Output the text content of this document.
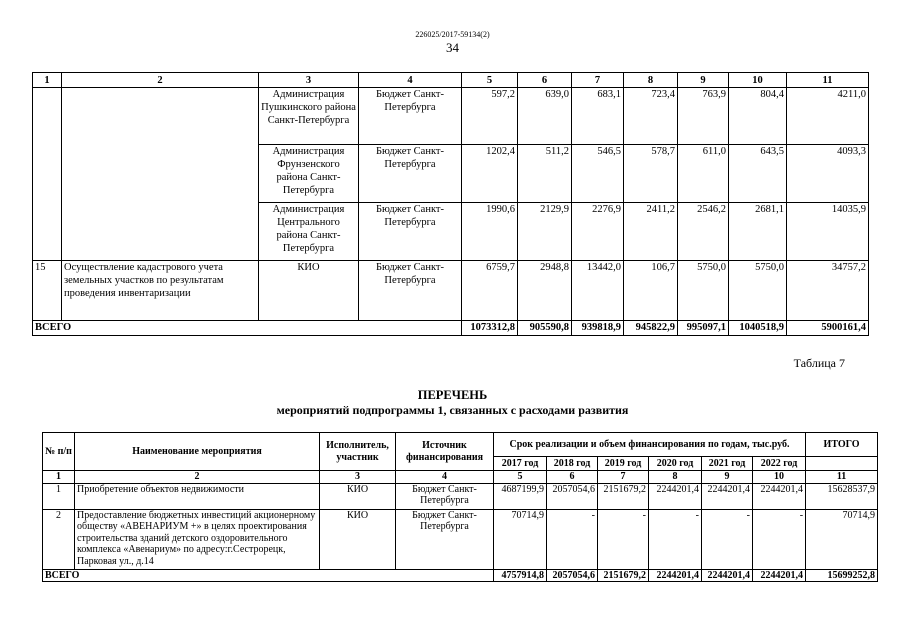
226025/2017-59134(2)
34
1	2	3	4	5	6	7	8	9	10	11
		Администрация Пушкинского района Санкт-Петербурга	Бюджет Санкт-Петербурга	597,2	639,0	683,1	723,4	763,9	804,4	4211,0
		Администрация Фрунзенского района Санкт-Петербурга	Бюджет Санкт-Петербурга	1202,4	511,2	546,5	578,7	611,0	643,5	4093,3
		Администрация Центрального района Санкт-Петербурга	Бюджет Санкт-Петербурга	1990,6	2129,9	2276,9	2411,2	2546,2	2681,1	14035,9
15	Осуществление кадастрового учета земельных участков по результатам проведения инвентаризации	КИО	Бюджет Санкт-Петербурга	6759,7	2948,8	13442,0	106,7	5750,0	5750,0	34757,2
ВСЕГО				1073312,8	905590,8	939818,9	945822,9	995097,1	1040518,9	5900161,4
Таблица 7
ПЕРЕЧЕНЬ
мероприятий подпрограммы 1, связанных с расходами развития
№ п/п	Наименование мероприятия	Исполнитель, участник	Источник финансирования	Срок реализации и объем финансирования по годам, тыс.руб.						ИТОГО
				2017 год	2018 год	2019 год	2020 год	2021 год	2022 год	
1	2	3	4	5	6	7	8	9	10	11
1	Приобретение объектов недвижимости	КИО	Бюджет Санкт-Петербурга	4687199,9	2057054,6	2151679,2	2244201,4	2244201,4	2244201,4	15628537,9
2	Предоставление бюджетных инвестиций акционерному обществу «АВЕНАРИУМ +» в целях проектирования строительства зданий детского оздоровительного комплекса «Авенариум» по адресу:г.Сестрорецк, Парковая ул., д.14	КИО	Бюджет Санкт-Петербурга	70714,9	-	-	-	-	-	70714,9
ВСЕГО				4757914,8	2057054,6	2151679,2	2244201,4	2244201,4	2244201,4	15699252,8
